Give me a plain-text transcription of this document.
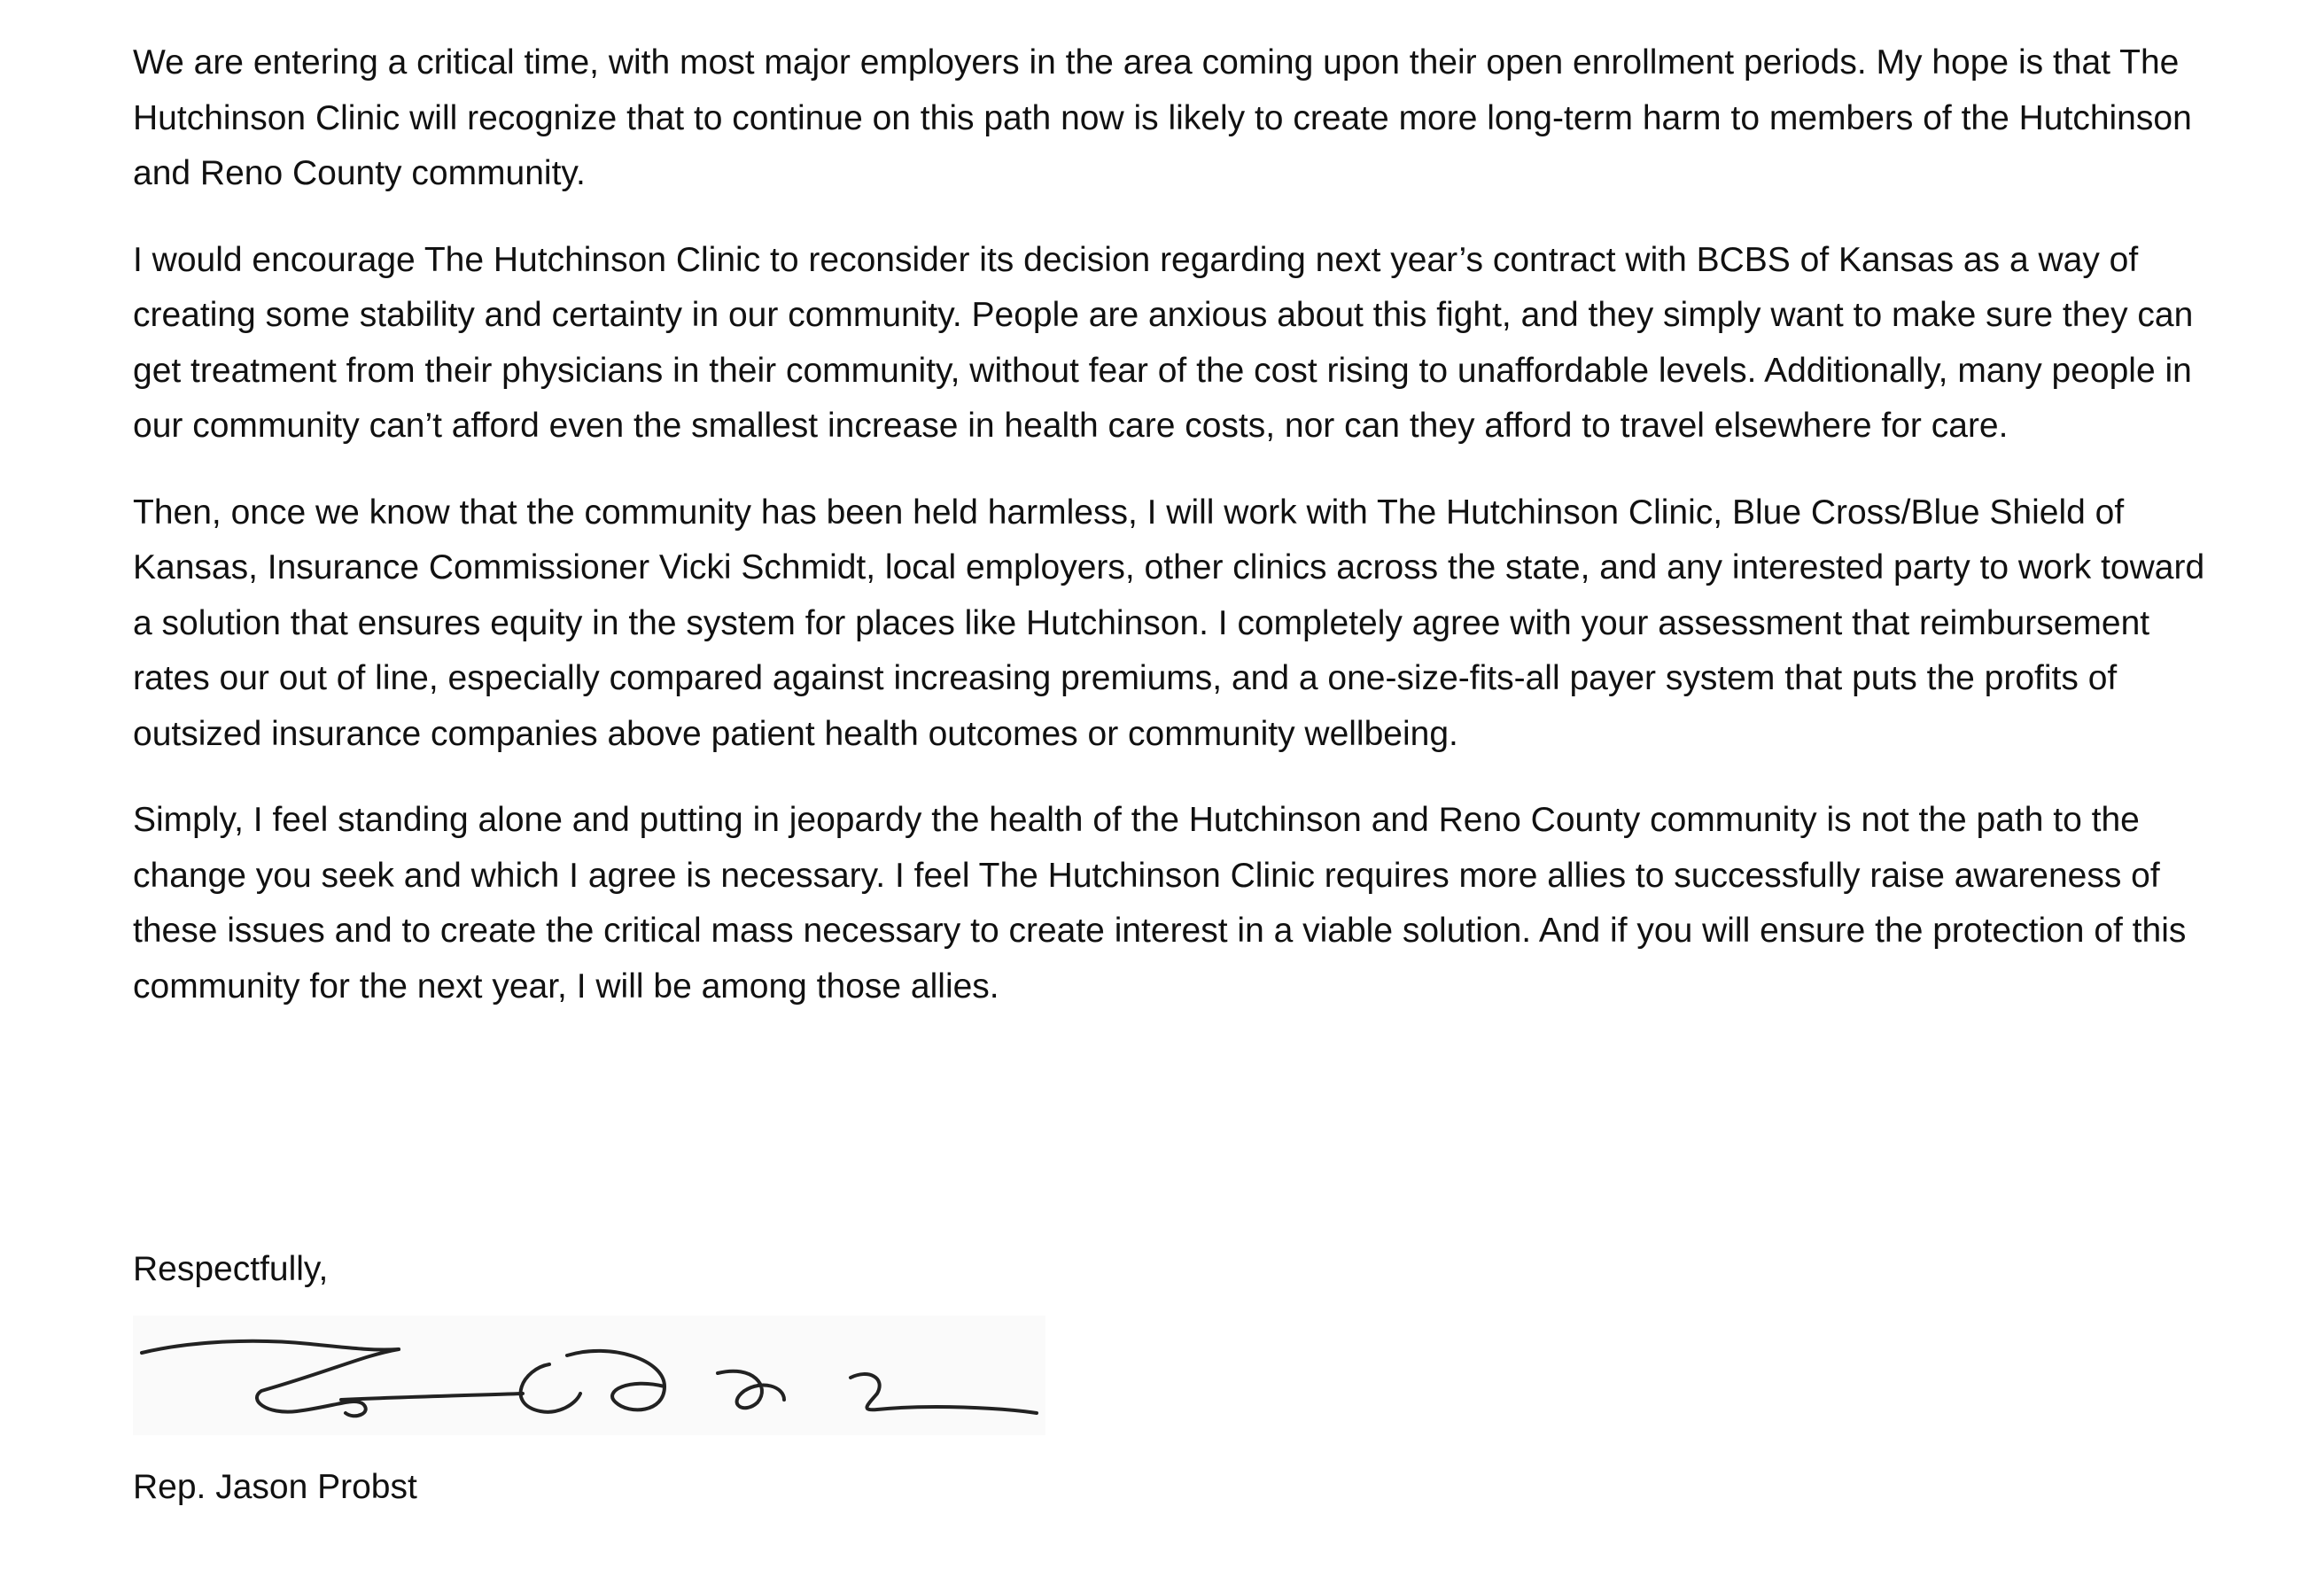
We are entering a critical time, with most major employers in the area coming upon their open enrollment periods. My hope is that The Hutchinson Clinic will recognize that to continue on this path now is likely to create more long-term harm to members of the Hutchinson and Reno County community.

I would encourage The Hutchinson Clinic to reconsider its decision regarding next year’s contract with BCBS of Kansas as a way of creating some stability and certainty in our community. People are anxious about this fight, and they simply want to make sure they can get treatment from their physicians in their community, without fear of the cost rising to unaffordable levels. Additionally, many people in our community can’t afford even the smallest increase in health care costs, nor can they afford to travel elsewhere for care.

Then, once we know that the community has been held harmless, I will work with The Hutchinson Clinic, Blue Cross/Blue Shield of Kansas, Insurance Commissioner Vicki Schmidt, local employers, other clinics across the state, and any interested party to work toward a solution that ensures equity in the system for places like Hutchinson. I completely agree with your assessment that reimbursement rates our out of line, especially compared against increasing premiums, and a one-size-fits-all payer system that puts the profits of outsized insurance companies above patient health outcomes or community wellbeing.

Simply, I feel standing alone and putting in jeopardy the health of the Hutchinson and Reno County community is not the path to the change you seek and which I agree is necessary. I feel The Hutchinson Clinic requires more allies to successfully raise awareness of these issues and to create the critical mass necessary to create interest in a viable solution. And if you will ensure the protection of this community for the next year, I will be among those allies.

Respectfully,

Rep. Jason Probst
